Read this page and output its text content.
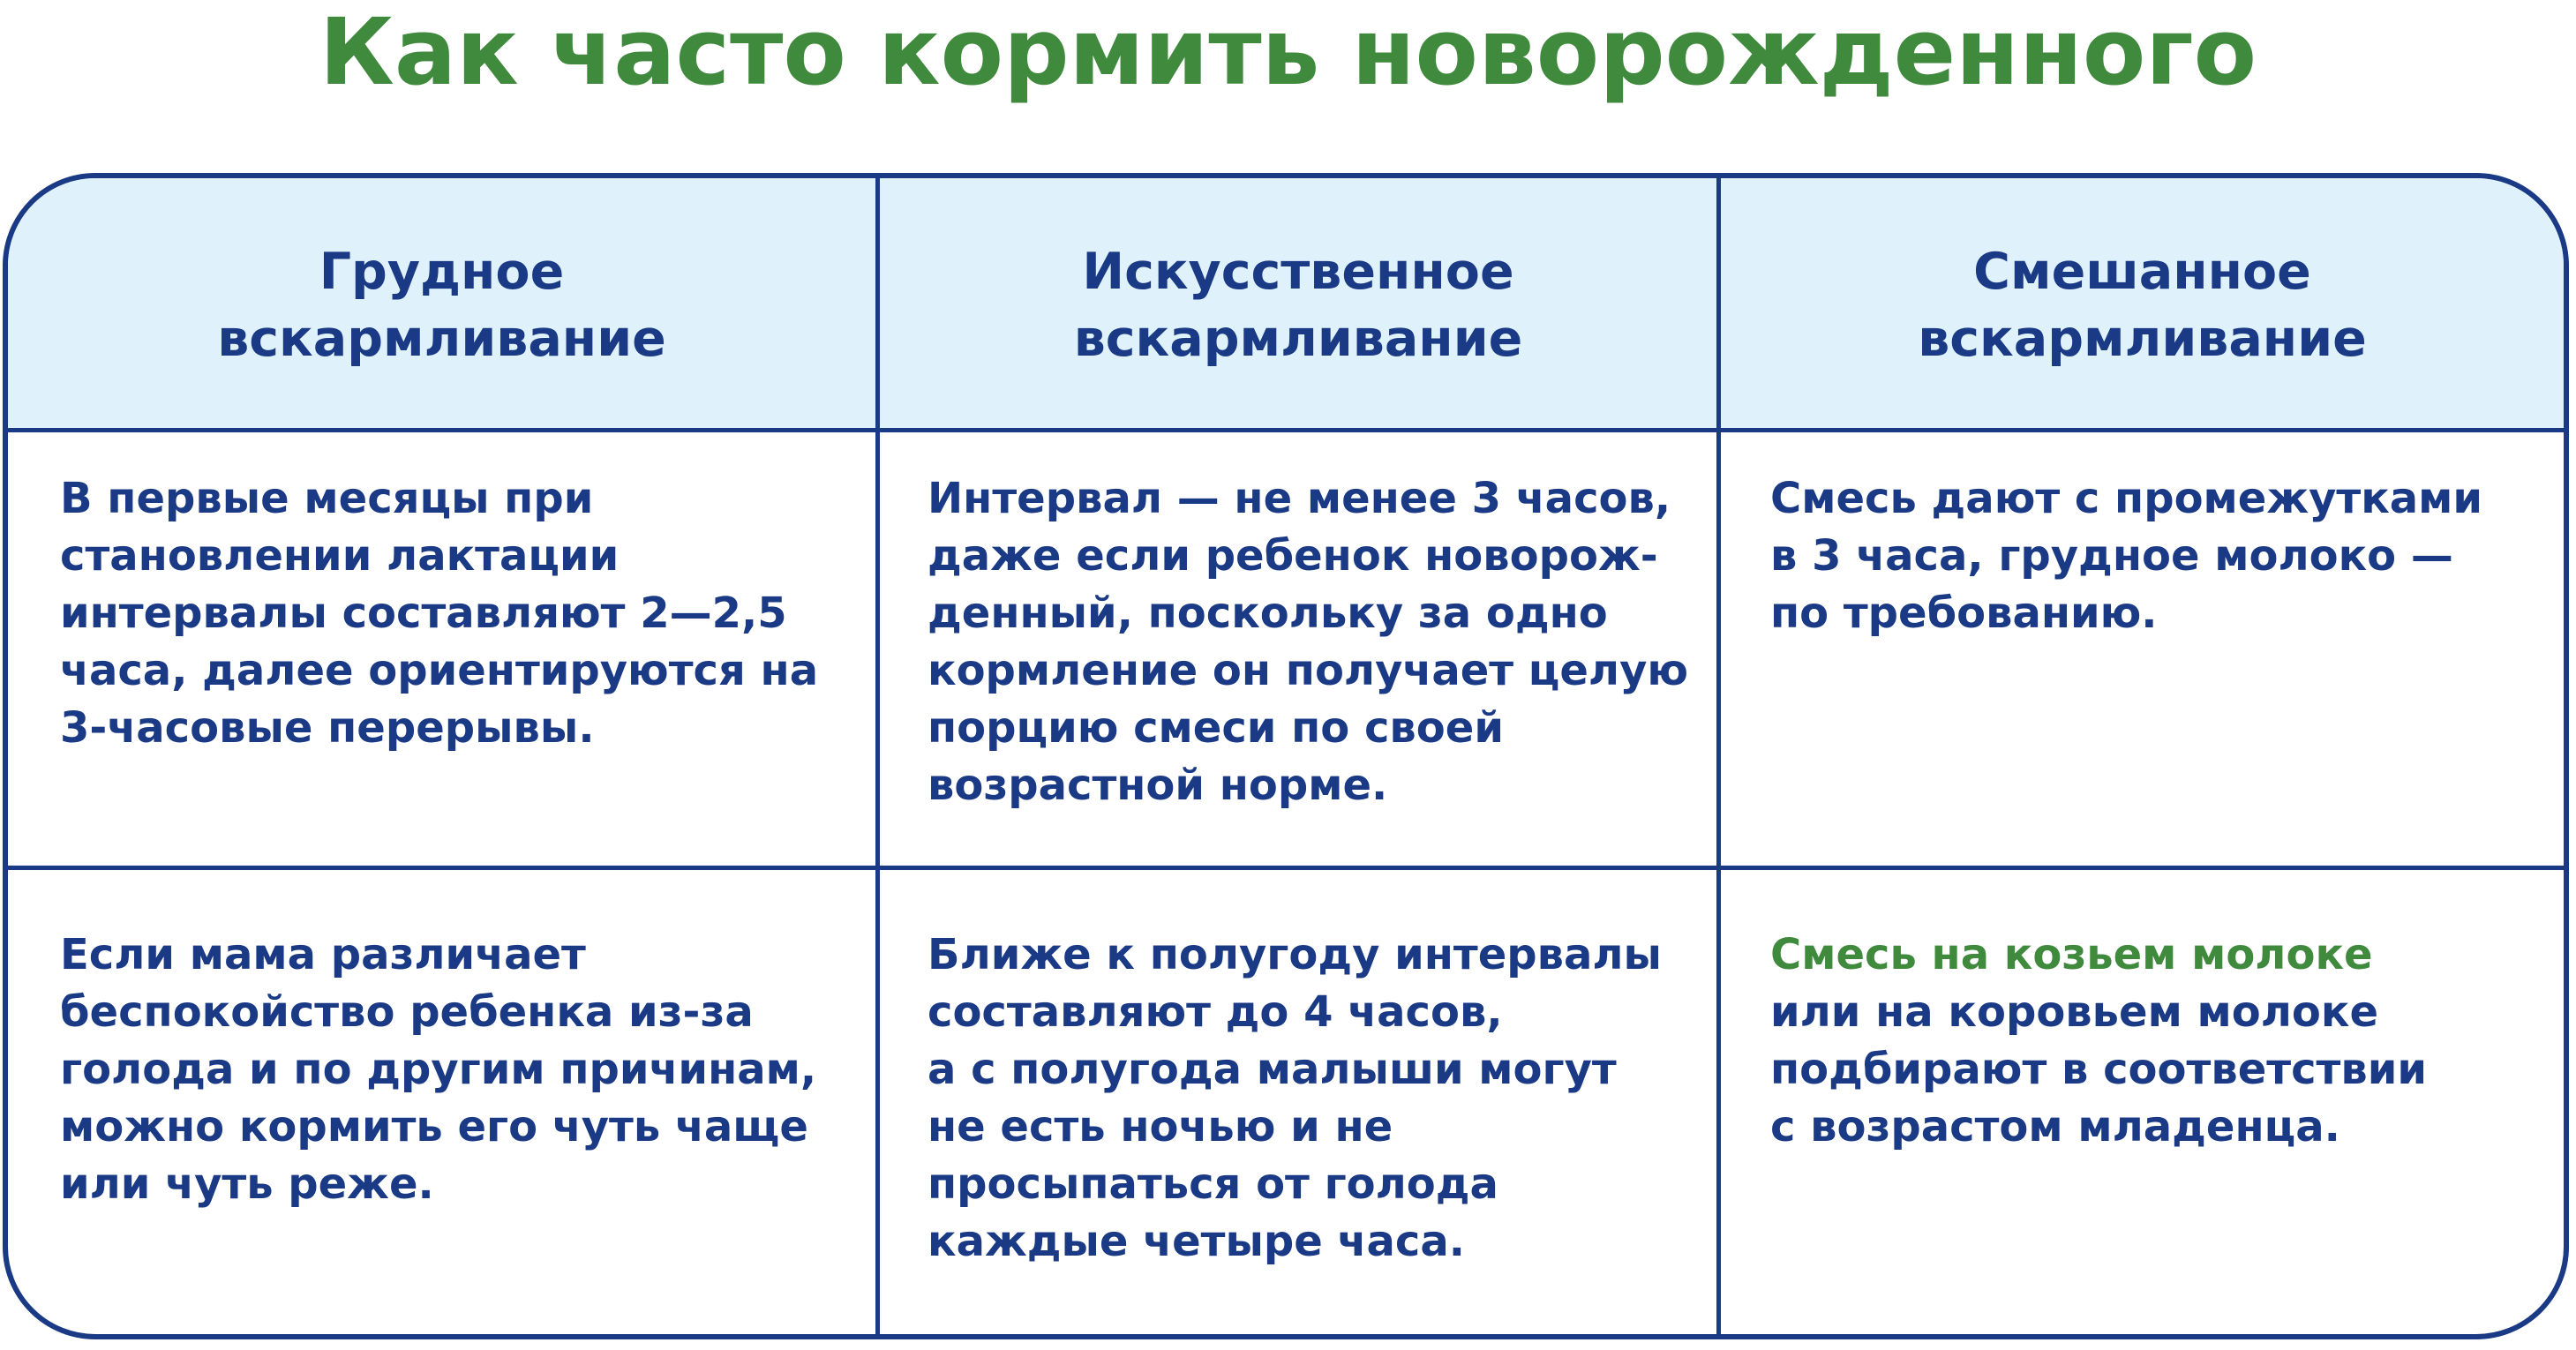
Как часто кормить новорожденного
Грудное
вскармливание
Искусственное
вскармливание
Смешанное
вскармливание
В первые месяцы при
становлении лактации
интервалы составляют 2—2,5
часа, далее ориентируются на
3-часовые перерывы.
Интервал — не менее 3 часов,
даже если ребенок новорож-
денный, поскольку за одно
кормление он получает целую
порцию смеси по своей
возрастной норме.
Смесь дают с промежутками
в 3 часа, грудное молоко —
по требованию.
Если мама различает
беспокойство ребенка из-за
голода и по другим причинам,
можно кормить его чуть чаще
или чуть реже.
Ближе к полугоду интервалы
составляют до 4 часов,
а с полугода малыши могут
не есть ночью и не
просыпаться от голода
каждые четыре часа.
Смесь на козьем молоке
или на коровьем молоке
подбирают в соответствии
с возрастом младенца.
